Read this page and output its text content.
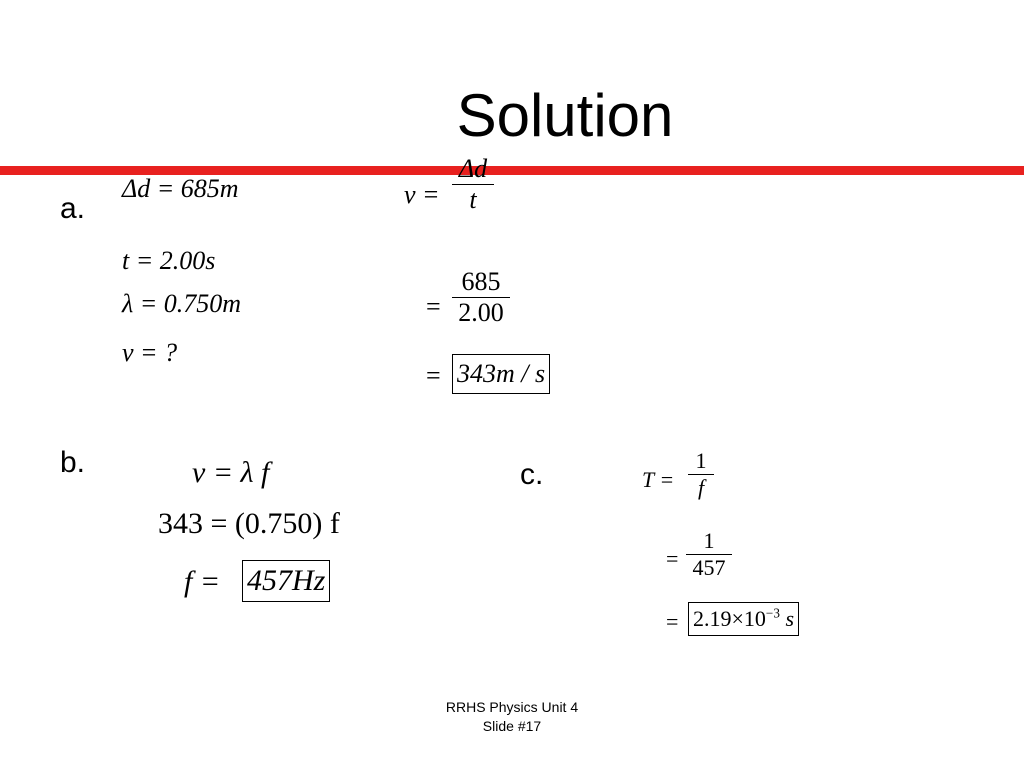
Solution
a.
Δd = 685m
t = 2.00s
λ = 0.750m
v = ?
v =
Δd
t
=
685
2.00
= 343m / s
b.	v = λ f
343 = (0.750) f
f = 457Hz
c.	T =
1
f
=
1
457
= $2.19\times 10^{-3}$ s
RRHS Physics Unit 4
Slide #17
